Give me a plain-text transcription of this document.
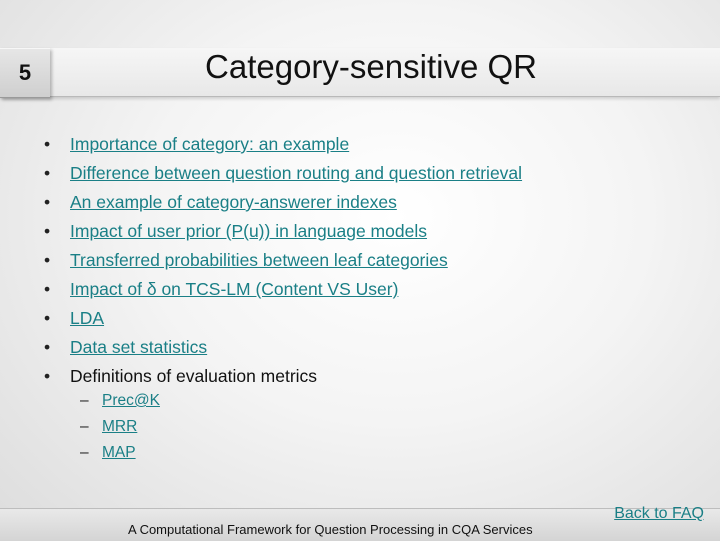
Category-sensitive QR
5
• Importance of category: an example
• Difference between question routing and question retrieval
• An example of category-answerer indexes
• Impact of user prior (P(u)) in language models
• Transferred probabilities between leaf categories
• Impact of δ on TCS-LM (Content VS User)
• LDA
• Data set statistics
• Definitions of evaluation metrics
– Prec@K
– MRR
– MAP
A Computational Framework for Question Processing in CQA Services
Back to FAQ
